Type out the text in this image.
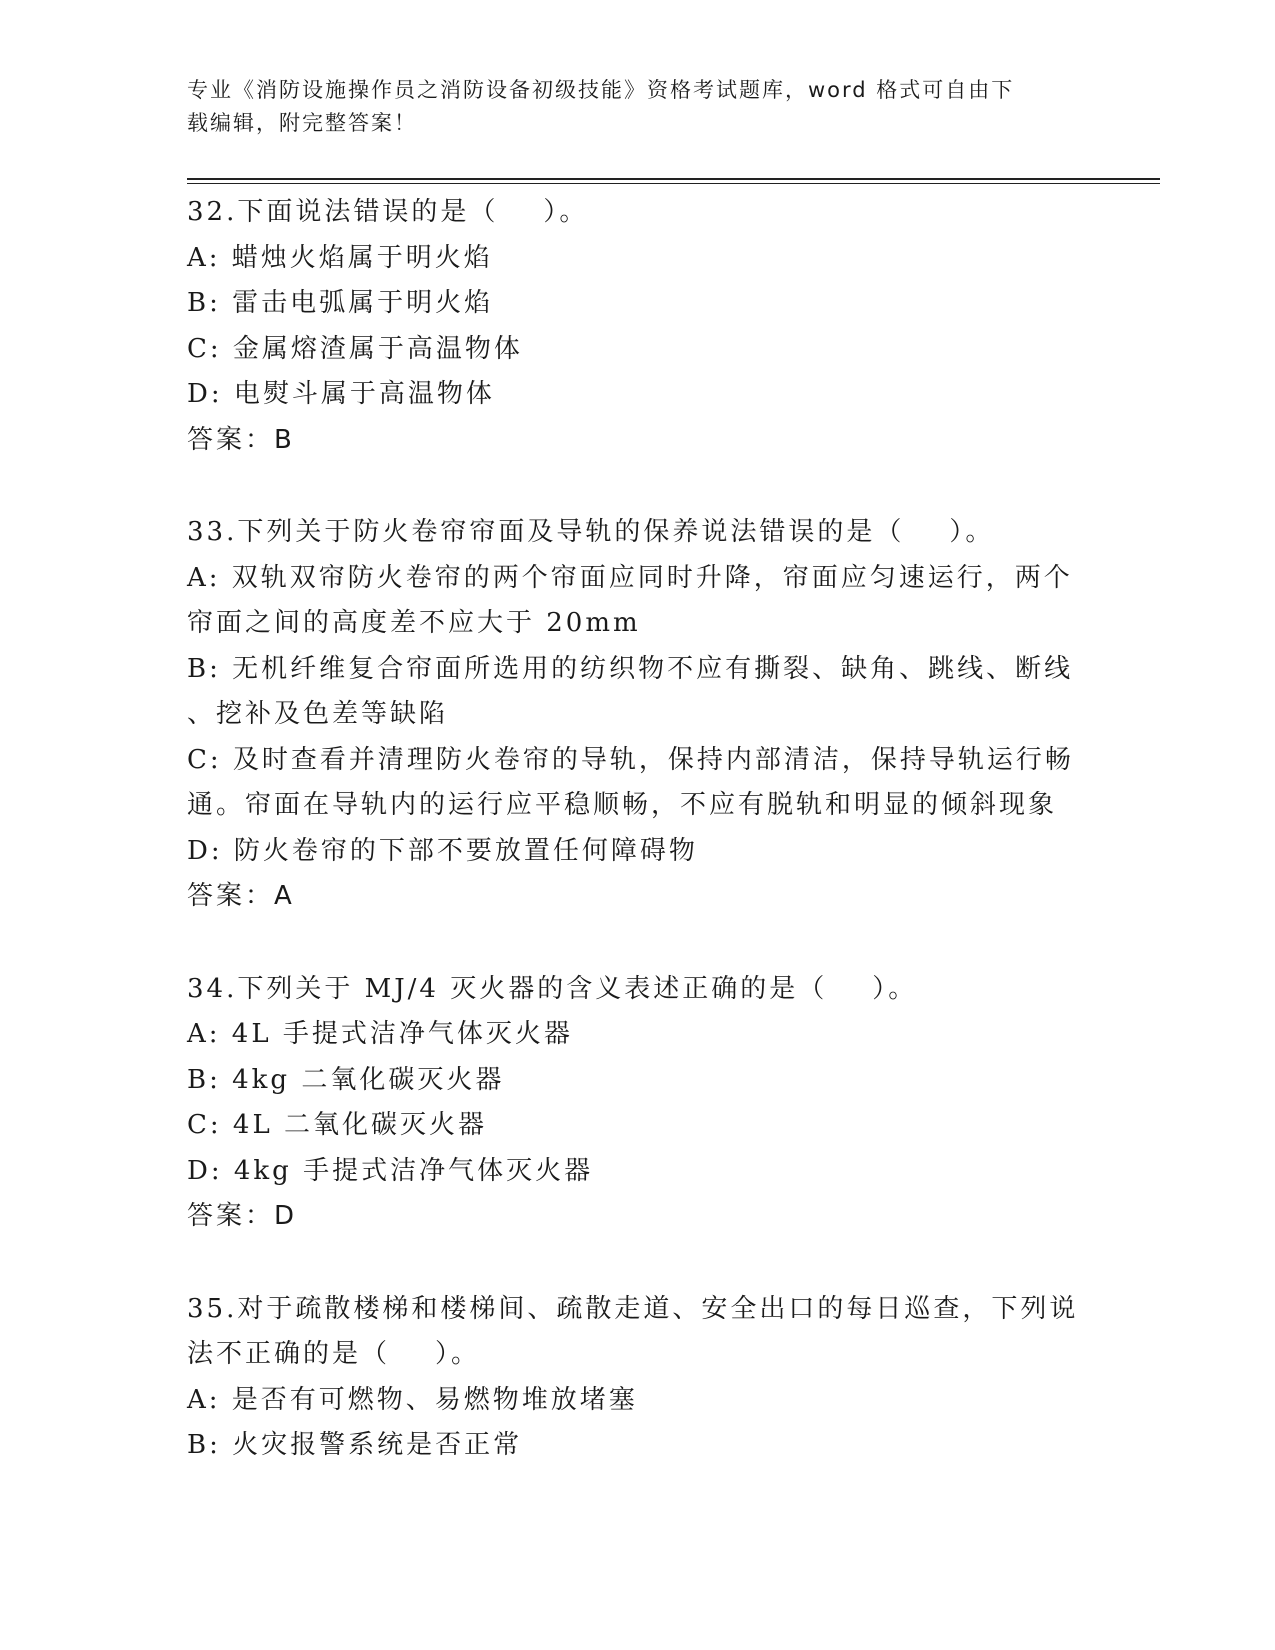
专业《消防设施操作员之消防设备初级技能》资格考试题库，word 格式可自由下
载编辑，附完整答案！
32.下面说法错误的是（    ）。
A: 蜡烛火焰属于明火焰
B: 雷击电弧属于明火焰
C: 金属熔渣属于高温物体
D: 电熨斗属于高温物体
答案：B
33.下列关于防火卷帘帘面及导轨的保养说法错误的是（    ）。
A: 双轨双帘防火卷帘的两个帘面应同时升降，帘面应匀速运行，两个
帘面之间的高度差不应大于 20mm
B: 无机纤维复合帘面所选用的纺织物不应有撕裂、缺角、跳线、断线
、挖补及色差等缺陷
C: 及时查看并清理防火卷帘的导轨，保持内部清洁，保持导轨运行畅
通。帘面在导轨内的运行应平稳顺畅，不应有脱轨和明显的倾斜现象
D: 防火卷帘的下部不要放置任何障碍物
答案：A
34.下列关于 MJ/4 灭火器的含义表述正确的是（    ）。
A: 4L 手提式洁净气体灭火器
B: 4kg 二氧化碳灭火器
C: 4L 二氧化碳灭火器
D: 4kg 手提式洁净气体灭火器
答案：D
35.对于疏散楼梯和楼梯间、疏散走道、安全出口的每日巡查，下列说
法不正确的是（    ）。
A: 是否有可燃物、易燃物堆放堵塞
B: 火灾报警系统是否正常
